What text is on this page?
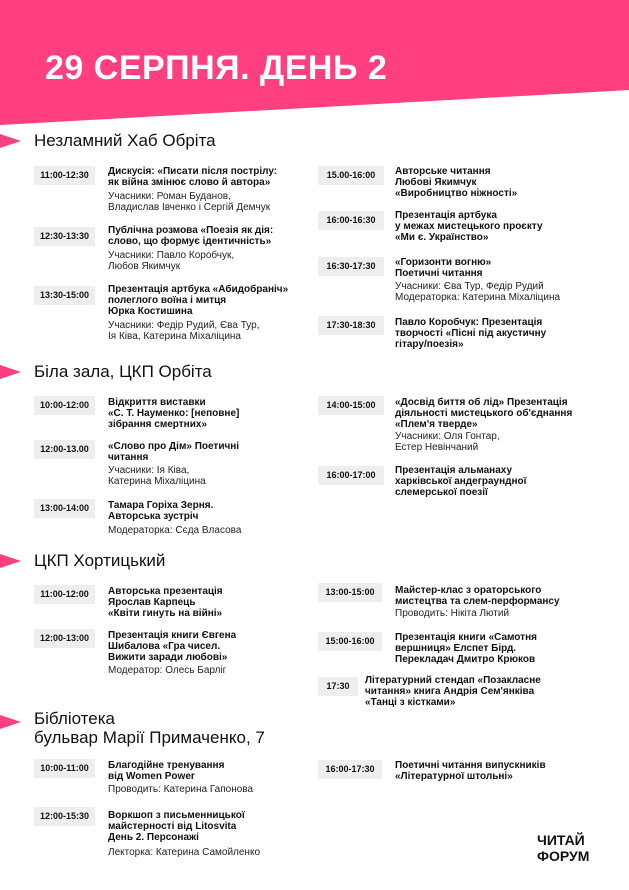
29 СЕРПНЯ. ДЕНЬ 2
Незламний Хаб Обріта
11:00-12:30	Дискусія: «Писати після пострілу:
як війна змінює слово й автора»
Учасники: Роман Буданов,
Владислав Івченко і Сергій Демчук
12:30-13:30	Публічна розмова «Поезія як дія:
слово, що формує ідентичність»
Учасники: Павло Коробчук,
Любов Якимчук
13:30-15:00	Презентація артбука «Абидобраніч»
полеглого воїна і митця
Юрка Костишина
Учасники: Федір Рудий, Єва Тур,
Ія Ківа, Катерина Міхаліцина
15.00-16:00	Авторське читання
Любові Якимчук
«Виробництво ніжності»
16:00-16:30	Презентація артбука
у межах мистецького проєкту
«Ми є. Українство»
16:30-17:30	«Горизонти вогню»
Поетичні читання
Учасники: Єва Тур, Федір Рудий
Модераторка: Катерина Міхаліцина
17:30-18:30	Павло Коробчук: Презентація
творчості «Пісні під акустичну
гітару/поезія»
Біла зала, ЦКП Орбіта
10:00-12:00	Відкриття виставки
«С. Т. Науменко: [неповне]
зібрання смертних»
12:00-13.00	«Слово про Дім» Поетичні
читання
Учасники: Ія Ківа,
Катерина Міхаліцина
13:00-14:00	Тамара Горіха Зерня.
Авторська зустріч
Модераторка: Сєда Власова
14:00-15:00	«Досвід биття об лід» Презентація
діяльності мистецького об'єднання
«Плем'я тверде»
Учасники: Оля Гонтар,
Естер Невінчаний
16:00-17:00	Презентація альманаху
харківської андеграундної
слемерської поезії
ЦКП Хортицький
11:00-12:00	Авторська презентація
Ярослав Карпець
«Квіти гинуть на війні»
12:00-13:00	Презентація книги Євгена
Шибалова «Гра чисел.
Вижити заради любові»
Модератор: Олесь Барліг
13:00-15:00	Майстер-клас з ораторського
мистецтва та слем-перформансу
Проводить: Нікіта Лютий
15:00-16:00	Презентація книги «Самотня
вершниця» Елспет Бірд.
Перекладач Дмитро Крюков
17:30	Літературний стендап «Позакласне
читання» книга Андрія Сем'янківа
«Танці з кістками»
Бібліотека
бульвар Марії Примаченко, 7
10:00-11:00	Благодійне тренування
від Women Power
Проводить: Катерина Гапонова
12:00-15:30	Воркшоп з письменницької
майстерності від Litosvita
День 2. Персонажі
Лекторка: Катерина Самойленко
16:00-17:30	Поетичні читання випускників
«Літературної штольні»
ЧИТАЙ
ФОРУМ
